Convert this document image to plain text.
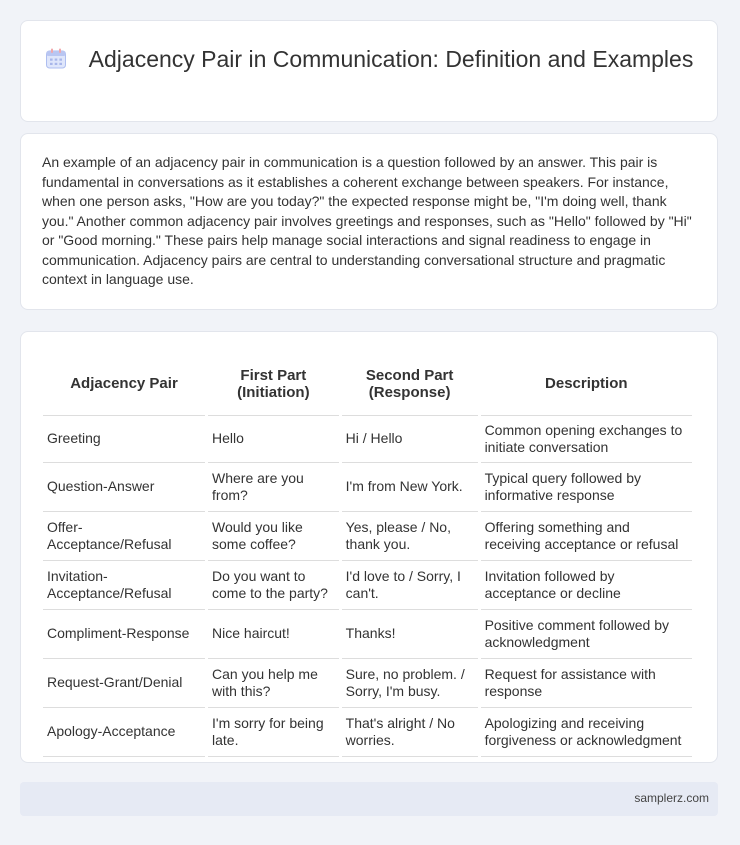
Adjacency Pair in Communication: Definition and Examples

An example of an adjacency pair in communication is a question followed by an answer. This pair is fundamental in conversations as it establishes a coherent exchange between speakers. For instance, when one person asks, "How are you today?" the expected response might be, "I'm doing well, thank you." Another common adjacency pair involves greetings and responses, such as "Hello" followed by "Hi" or "Good morning." These pairs help manage social interactions and signal readiness to engage in communication. Adjacency pairs are central to understanding conversational structure and pragmatic context in language use.

Adjacency Pair	First Part (Initiation)	Second Part (Response)	Description
Greeting	Hello	Hi / Hello	Common opening exchanges to initiate conversation
Question-Answer	Where are you from?	I'm from New York.	Typical query followed by informative response
Offer-Acceptance/Refusal	Would you like some coffee?	Yes, please / No, thank you.	Offering something and receiving acceptance or refusal
Invitation-Acceptance/Refusal	Do you want to come to the party?	I'd love to / Sorry, I can't.	Invitation followed by acceptance or decline
Compliment-Response	Nice haircut!	Thanks!	Positive comment followed by acknowledgment
Request-Grant/Denial	Can you help me with this?	Sure, no problem. / Sorry, I'm busy.	Request for assistance with response
Apology-Acceptance	I'm sorry for being late.	That's alright / No worries.	Apologizing and receiving forgiveness or acknowledgment
samplerz.com
